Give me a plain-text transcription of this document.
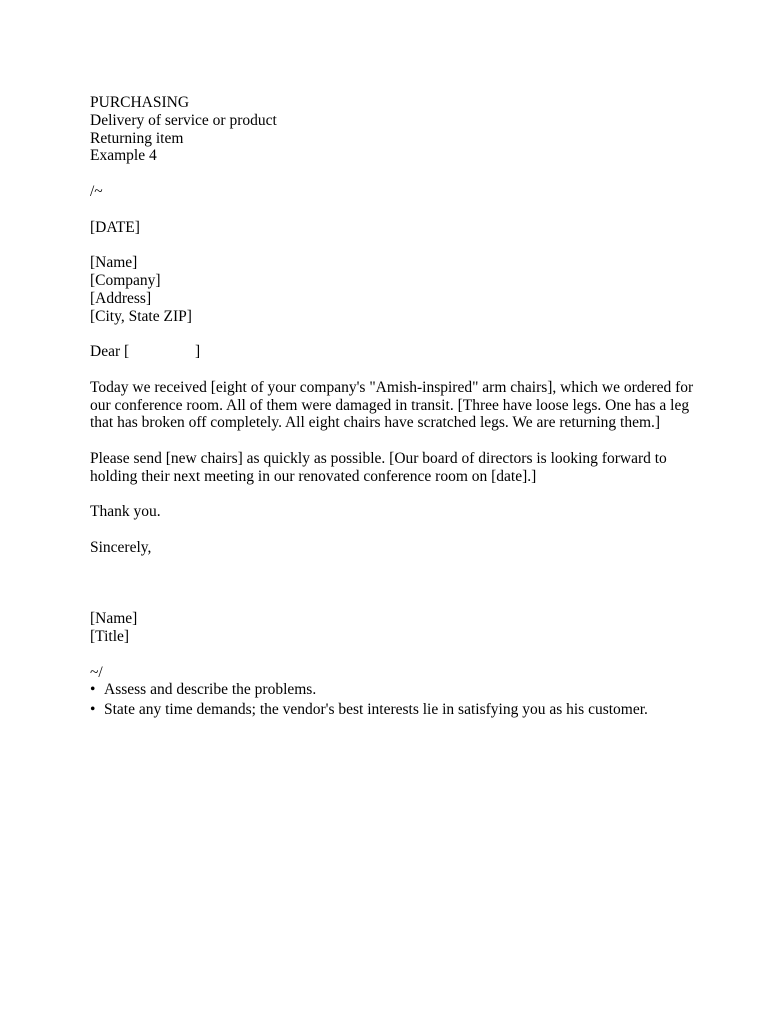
PURCHASING
Delivery of service or product
Returning item
Example 4
/~
[DATE]
[Name]
[Company]
[Address]
[City, State ZIP]
Dear [                 ]
Today we received [eight of your company's "Amish-inspired" arm chairs], which we ordered for our conference room. All of them were damaged in transit. [Three have loose legs. One has a leg that has broken off completely. All eight chairs have scratched legs. We are returning them.]
Please send [new chairs] as quickly as possible. [Our board of directors is looking forward to holding their next meeting in our renovated conference room on [date].]
Thank you.
Sincerely,
[Name]
[Title]
~/
• Assess and describe the problems.
• State any time demands; the vendor's best interests lie in satisfying you as his customer.
